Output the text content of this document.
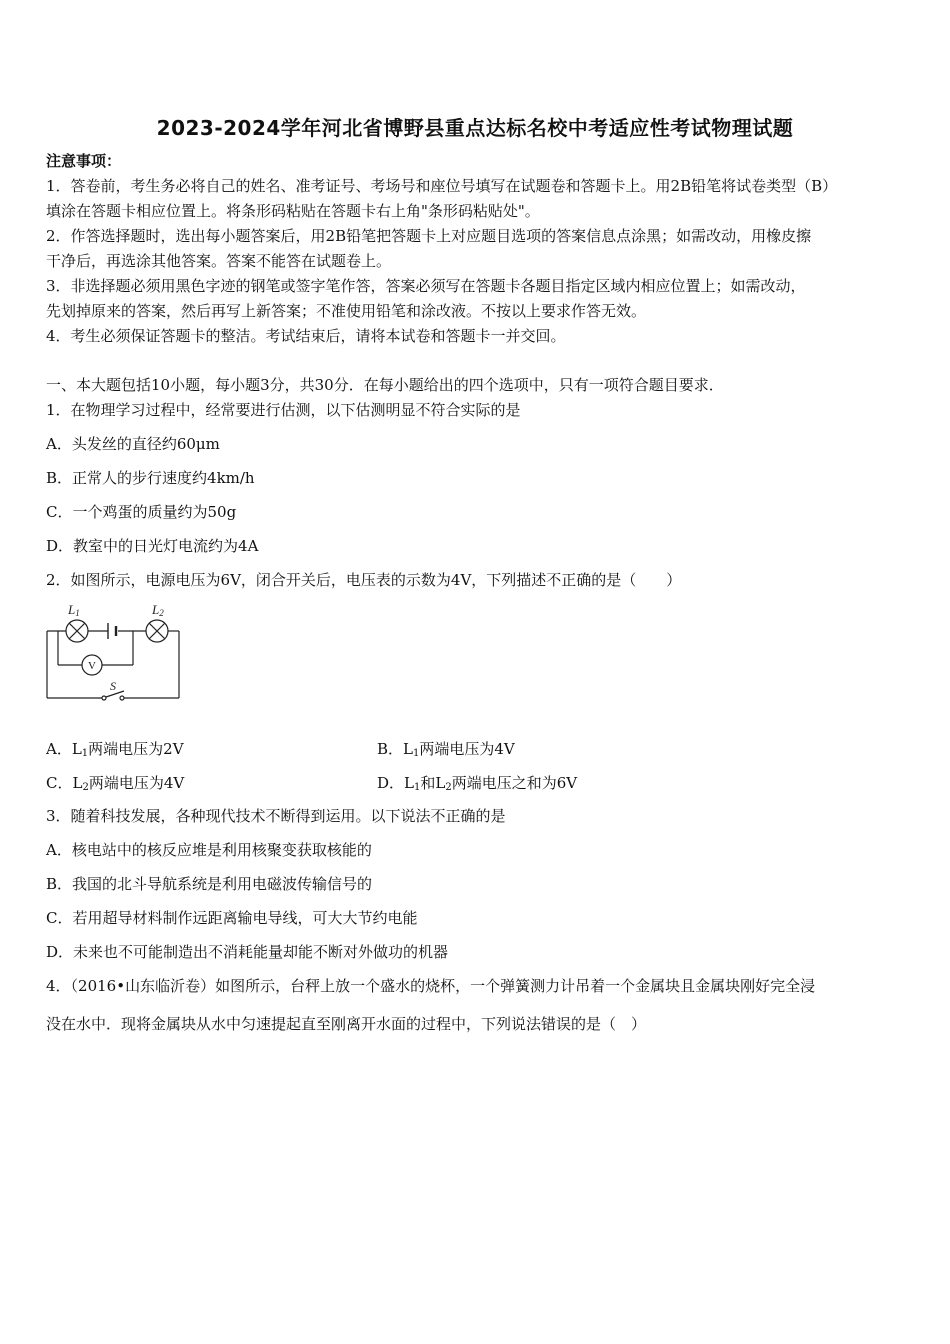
2023-2024学年河北省博野县重点达标名校中考适应性考试物理试题
注意事项：
1．答卷前，考生务必将自己的姓名、准考证号、考场号和座位号填写在试题卷和答题卡上。用2B铅笔将试卷类型（B）
填涂在答题卡相应位置上。将条形码粘贴在答题卡右上角"条形码粘贴处"。
2．作答选择题时，选出每小题答案后，用2B铅笔把答题卡上对应题目选项的答案信息点涂黑；如需改动，用橡皮擦
干净后，再选涂其他答案。答案不能答在试题卷上。
3．非选择题必须用黑色字迹的钢笔或签字笔作答，答案必须写在答题卡各题目指定区域内相应位置上；如需改动，
先划掉原来的答案，然后再写上新答案；不准使用铅笔和涂改液。不按以上要求作答无效。
4．考生必须保证答题卡的整洁。考试结束后，请将本试卷和答题卡一并交回。
一、本大题包括10小题，每小题3分，共30分．在每小题给出的四个选项中，只有一项符合题目要求．
1．在物理学习过程中，经常要进行估测，以下估测明显不符合实际的是
A．头发丝的直径约60μm
B．正常人的步行速度约4km/h
C．一个鸡蛋的质量约为50g
D．教室中的日光灯电流约为4A
2．如图所示，电源电压为6V，闭合开关后，电压表的示数为4V，下列描述不正确的是（　　）
V
L1	L2
S
A．$L_1$两端电压为2V	B．$L_1$两端电压为4V
C．$L_2$两端电压为4V	D．$L_1$和$L_2$两端电压之和为6V
3．随着科技发展，各种现代技术不断得到运用。以下说法不正确的是
A．核电站中的核反应堆是利用核聚变获取核能的
B．我国的北斗导航系统是利用电磁波传输信号的
C．若用超导材料制作远距离输电导线，可大大节约电能
D．未来也不可能制造出不消耗能量却能不断对外做功的机器
4．（2016•山东临沂卷）如图所示，台秤上放一个盛水的烧杯，一个弹簧测力计吊着一个金属块且金属块刚好完全浸
没在水中．现将金属块从水中匀速提起直至刚离开水面的过程中，下列说法错误的是（　）
